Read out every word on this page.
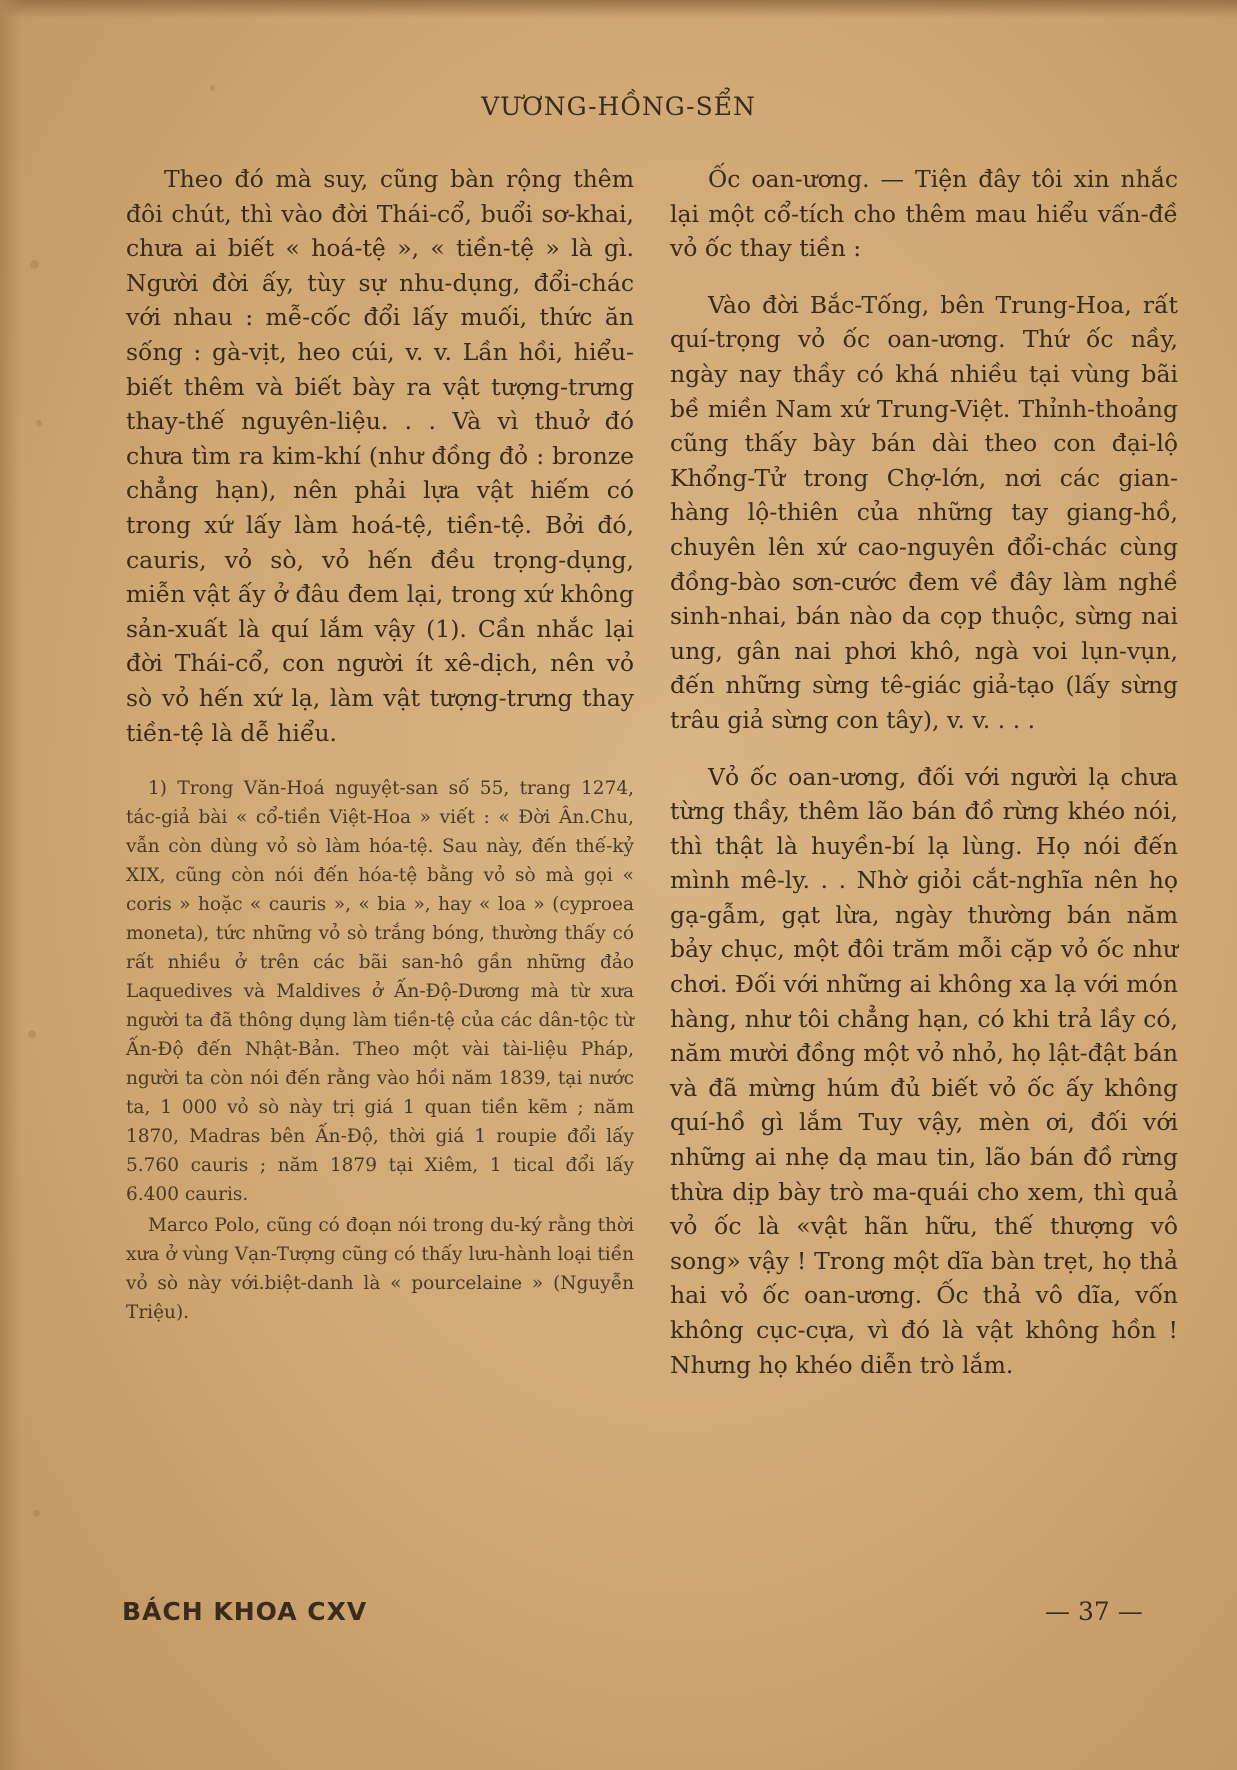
VƯƠNG-HỒNG-SỂN

Theo đó mà suy, cũng bàn rộng thêm đôi chút, thì vào đời Thái-cổ, buổi sơ-khai, chưa ai biết « hoá-tệ », « tiền-tệ » là gì. Người đời ấy, tùy sự nhu-dụng, đổi-chác với nhau : mễ-cốc đổi lấy muối, thức ăn sống : gà-vịt, heo cúi, v. v. Lần hồi, hiểu-biết thêm và biết bày ra vật tượng-trưng thay-thế nguyên-liệu. . . Và vì thuở đó chưa tìm ra kim-khí (như đồng đỏ : bronze chẳng hạn), nên phải lựa vật hiếm có trong xứ lấy làm hoá-tệ, tiền-tệ. Bởi đó, cauris, vỏ sò, vỏ hến đều trọng-dụng, miễn vật ấy ở đâu đem lại, trong xứ không sản-xuất là quí lắm vậy (1). Cần nhắc lại đời Thái-cổ, con người ít xê-dịch, nên vỏ sò vỏ hến xứ lạ, làm vật tượng-trưng thay tiền-tệ là dễ hiểu.

1) Trong Văn-Hoá nguyệt-san số 55, trang 1274, tác-giả bài « cổ-tiền Việt-Hoa » viết : « Đời Ân.Chu, vẫn còn dùng vỏ sò làm hóa-tệ. Sau này, đến thế-kỷ XIX, cũng còn nói đến hóa-tệ bằng vỏ sò mà gọi « coris » hoặc « cauris », « bia », hay « loa » (cyproea moneta), tức những vỏ sò trắng bóng, thường thấy có rất nhiều ở trên các bãi san-hô gần những đảo Laquedives và Maldives ở Ấn-Độ-Dương mà từ xưa người ta đã thông dụng làm tiền-tệ của các dân-tộc từ Ấn-Độ đến Nhật-Bản. Theo một vài tài-liệu Pháp, người ta còn nói đến rằng vào hồi năm 1839, tại nước ta, 1 000 vỏ sò này trị giá 1 quan tiền kẽm ; năm 1870, Madras bên Ấn-Độ, thời giá 1 roupie đổi lấy 5.760 cauris ; năm 1879 tại Xiêm, 1 tical đổi lấy 6.400 cauris.

Marco Polo, cũng có đoạn nói trong du-ký rằng thời xưa ở vùng Vạn-Tượng cũng có thấy lưu-hành loại tiền vỏ sò này với.biệt-danh là « pourcelaine » (Nguyễn Triệu).

Ốc oan-ương. — Tiện đây tôi xin nhắc lại một cổ-tích cho thêm mau hiểu vấn-đề vỏ ốc thay tiền :

Vào đời Bắc-Tống, bên Trung-Hoa, rất quí-trọng vỏ ốc oan-ương. Thứ ốc nầy, ngày nay thầy có khá nhiều tại vùng bãi bề miền Nam xứ Trung-Việt. Thỉnh-thoảng cũng thấy bày bán dài theo con đại-lộ Khổng-Tử trong Chợ-lớn, nơi các gian-hàng lộ-thiên của những tay giang-hồ, chuyên lên xứ cao-nguyên đổi-chác cùng đồng-bào sơn-cước đem về đây làm nghề sinh-nhai, bán nào da cọp thuộc, sừng nai ung, gân nai phơi khô, ngà voi lụn-vụn, đến những sừng tê-giác giả-tạo (lấy sừng trâu giả sừng con tây), v. v. . . .

Vỏ ốc oan-ương, đối với người lạ chưa từng thầy, thêm lão bán đồ rừng khéo nói, thì thật là huyền-bí lạ lùng. Họ nói đến mình mê-ly. . . Nhờ giỏi cắt-nghĩa nên họ gạ-gẫm, gạt lừa, ngày thường bán năm bảy chục, một đôi trăm mỗi cặp vỏ ốc như chơi. Đối với những ai không xa lạ với món hàng, như tôi chẳng hạn, có khi trả lầy có, năm mười đồng một vỏ nhỏ, họ lật-đật bán và đã mừng húm đủ biết vỏ ốc ấy không quí-hồ gì lắm Tuy vậy, mèn ơi, đối với những ai nhẹ dạ mau tin, lão bán đồ rừng thừa dịp bày trò ma-quái cho xem, thì quả vỏ ốc là «vật hãn hữu, thế thượng vô song» vậy ! Trong một dĩa bàn trẹt, họ thả hai vỏ ốc oan-ương. Ốc thả vô dĩa, vốn không cục-cựa, vì đó là vật không hồn ! Nhưng họ khéo diễn trò lắm.

BÁCH KHOA CXV	— 37 —
